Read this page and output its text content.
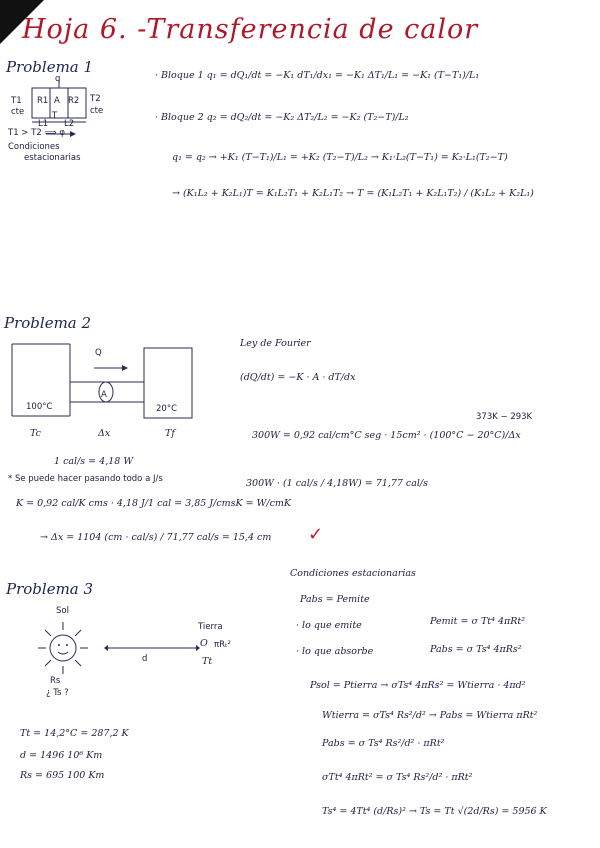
Hoja 6. -Transferencia de calor
Problema 1
T1
cte
R1 A R2 T2
cte
q
T
L1 L2
T1 > T2 ⟹ φ
Condiciones
estacionarias
· Bloque 1 q₁ = dQ₁/dt = −K₁ dT₁/dx₁ = −K₁ ΔT₁/L₁ = −K₁ (T−T₁)/L₁
· Bloque 2 q₂ = dQ₂/dt = −K₂ ΔT₂/L₂ = −K₂ (T₂−T)/L₂
q₁ = q₂ → +K₁ (T−T₁)/L₁ = +K₂ (T₂−T)/L₂ → K₁·L₂(T−T₁) = K₂·L₁(T₂−T)
→ (K₁L₂ + K₂L₁)T = K₁L₂T₁ + K₂L₁T₂ → T = (K₁L₂T₁ + K₂L₁T₂) / (K₁L₂ + K₂L₁)
Problema 2
Q
A
100°C	20°C
Tc	Δx	Tf
Ley de Fourier
(dQ/dt) = −K · A · dT/dx
373K − 293K
300W = 0,92 cal/cm°C seg · 15cm² · (100°C − 20°C)/Δx
1 cal/s = 4,18 W
300W · (1 cal/s / 4,18W) = 71,77 cal/s
* Se puede hacer pasando todo a J/s
K = 0,92 cal/K cms · 4,18 J/1 cal = 3,85 J/cmsK = W/cmK
→ Δx = 1104 (cm · cal/s) / 71,77 cal/s = 15,4 cm ✓
Problema 3
Sol
d
Tierra
O πRₜ²
Tt
Rs
¿ Ts ?
Tt = 14,2°C = 287,2 K
d = 1496 10⁶ Km
Rs = 695 100 Km
Condiciones estacionarias
Pabs = Pemite
· lo que emite	Pemit = σ Tt⁴ 4πRt²
· lo que absorbe	Pabs = σ Ts⁴ 4πRs²
Psol = Ptierra → σTs⁴ 4πRs² = Wtierra · 4πd²
Wtierra = σTs⁴ Rs²/d² → Pabs = Wtierra πRt²
Pabs = σ Ts⁴ Rs²/d² · πRt²
σTt⁴ 4πRt² = σ Ts⁴ Rs²/d² · πRt²
Ts⁴ = 4Tt⁴ (d/Rs)² → Ts = Tt √(2d/Rs) = 5956 K
